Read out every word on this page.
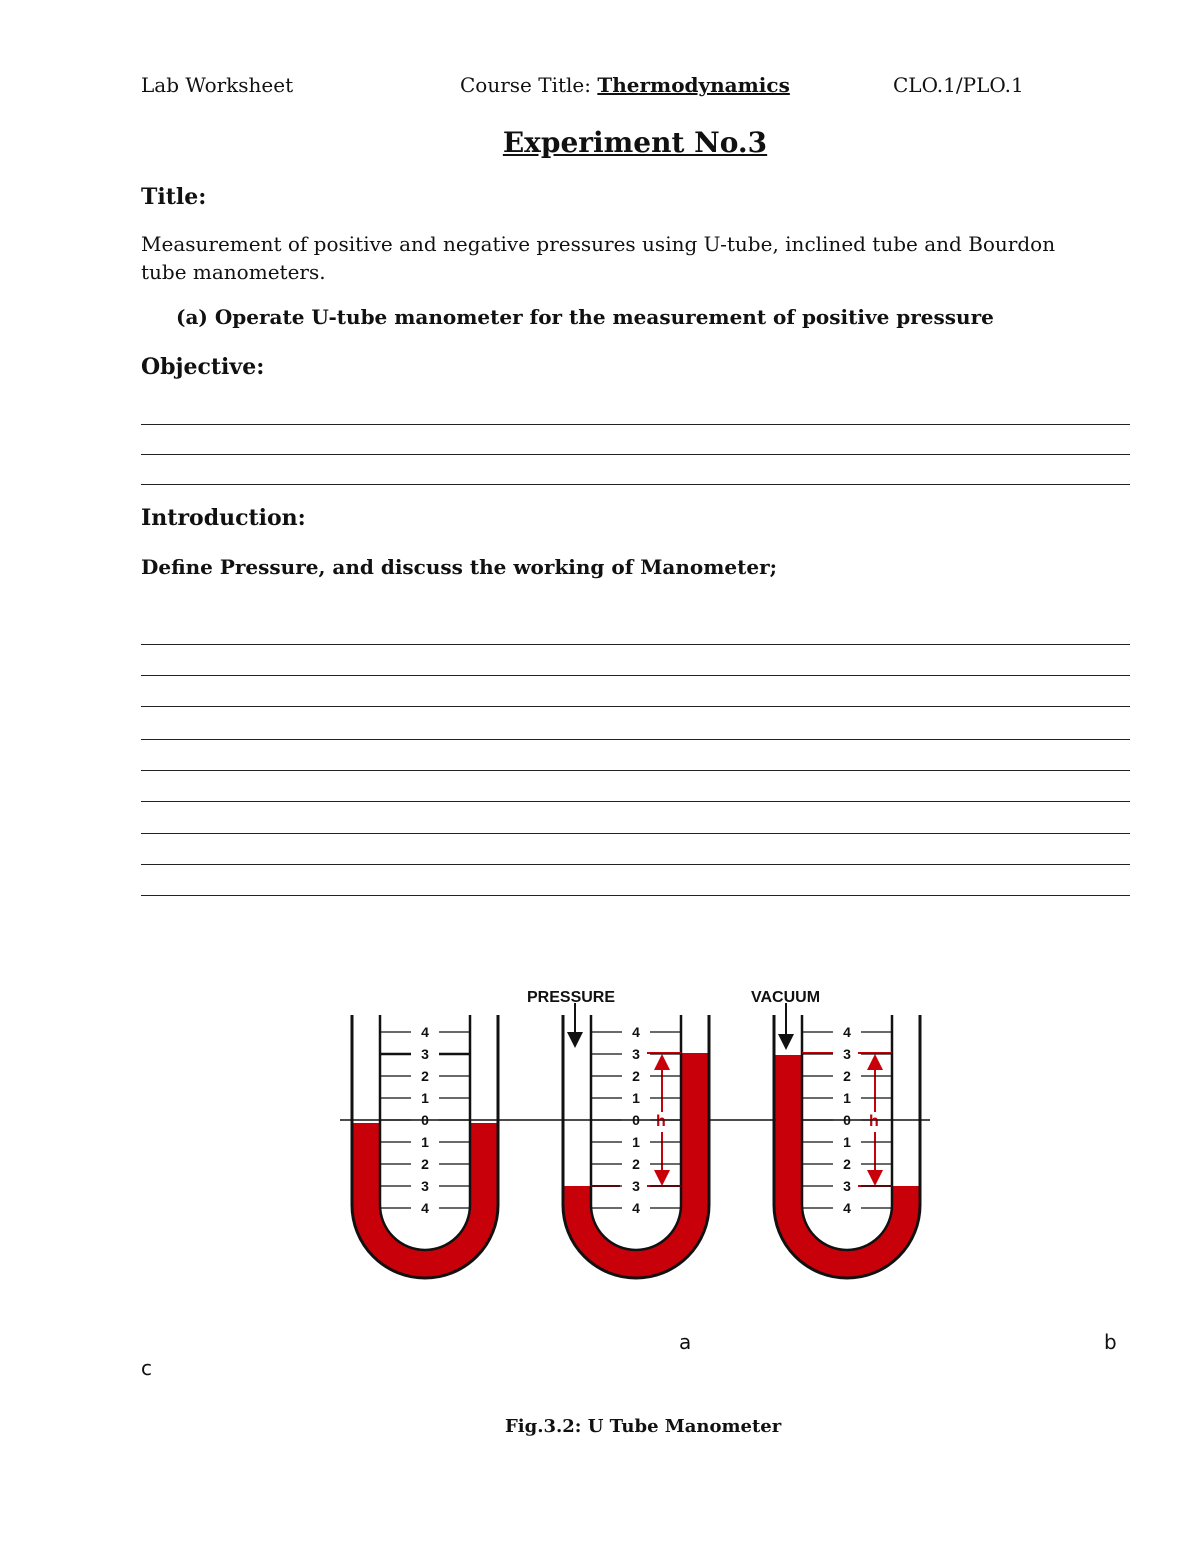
Lab Worksheet	Course Title: Thermodynamics	CLO.1/PLO.1
Experiment No.3
Title:
Measurement of positive and negative pressures using U-tube, inclined tube and Bourdon tube manometers.
(a) Operate U-tube manometer for the measurement of positive pressure
Objective:
Introduction:
Define Pressure, and discuss the working of Manometer;
PRESSURE	VACUUM
h	h
4
3
2
1
0
1
2
3
4
4
3
2
1
0
1
2
3
4
4
3
2
1
0
1
2
3
4
a	b
c
Fig.3.2: U Tube Manometer
